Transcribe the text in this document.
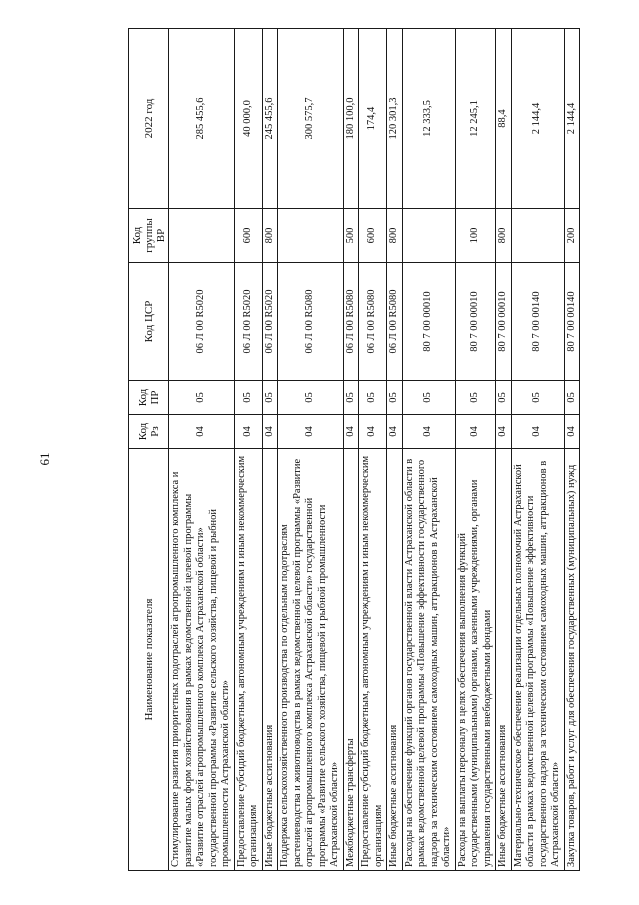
61
Наименование показателя	Код Рз	Код ПР	Код ЦСР	Код группы ВР	2022 год
Стимулирование развития приоритетных подотраслей агропромышленного комплекса и развитие малых форм хозяйствования в рамках ведомственной целевой программы «Развитие отраслей агропромышленного комплекса Астраханской области» государственной программы «Развитие сельского хозяйства, пищевой и рыбной промышленности Астраханской области»	04	05	06 Л 00 R5020		285 455,6
Предоставление субсидий бюджетным, автономным учреждениям и иным некоммерческим организациям	04	05	06 Л 00 R5020	600	40 000,0
Иные бюджетные ассигнования	04	05	06 Л 00 R5020	800	245 455,6
Поддержка сельскохозяйственного производства по отдельным подотраслям растениеводства и животноводства в рамках ведомственной целевой программы «Развитие отраслей агропромышленного комплекса Астраханской области» государственной программы «Развитие сельского хозяйства, пищевой и рыбной промышленности Астраханской области»	04	05	06 Л 00 R5080		300 575,7
Межбюджетные трансферты	04	05	06 Л 00 R5080	500	180 100,0
Предоставление субсидий бюджетным, автономным учреждениям и иным некоммерческим организациям	04	05	06 Л 00 R5080	600	174,4
Иные бюджетные ассигнования	04	05	06 Л 00 R5080	800	120 301,3
Расходы на обеспечение функций органов государственной власти Астраханской области в рамках ведомственной целевой программы «Повышение эффективности государственного надзора за техническим состоянием самоходных машин, аттракционов в Астраханской области»	04	05	80 7 00 00010		12 333,5
Расходы на выплаты персоналу в целях обеспечения выполнения функций государственными (муниципальными) органами, казенными учреждениями, органами управления государственными внебюджетными фондами	04	05	80 7 00 00010	100	12 245,1
Иные бюджетные ассигнования	04	05	80 7 00 00010	800	88,4
Материально-техническое обеспечение реализации отдельных полномочий Астраханской области в рамках ведомственной целевой программы «Повышение эффективности государственного надзора за техническим состоянием самоходных машин, аттракционов в Астраханской области»	04	05	80 7 00 00140		2 144,4
Закупка товаров, работ и услуг для обеспечения государственных (муниципальных) нужд	04	05	80 7 00 00140	200	2 144,4
